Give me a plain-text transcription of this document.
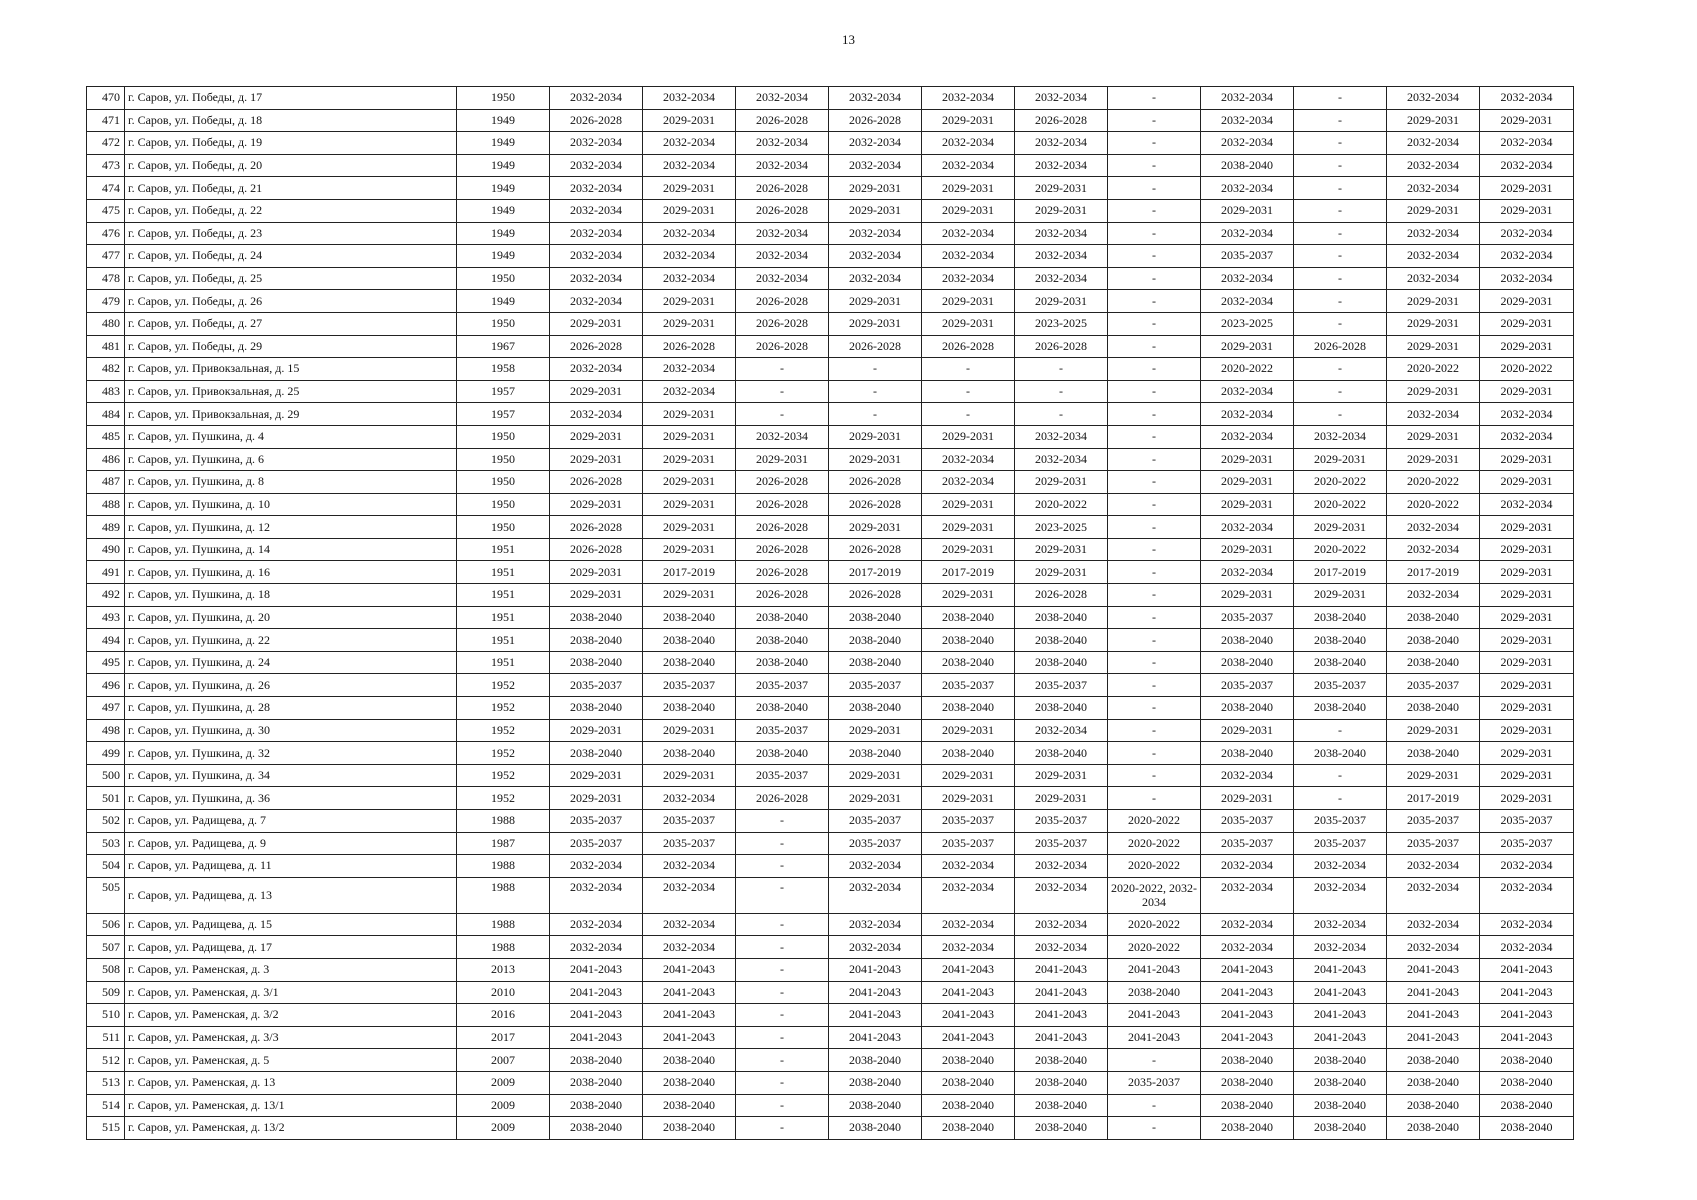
13
470	г. Саров, ул. Победы, д. 17	1950	2032-2034	2032-2034	2032-2034	2032-2034	2032-2034	2032-2034	-	2032-2034	-	2032-2034	2032-2034
471	г. Саров, ул. Победы, д. 18	1949	2026-2028	2029-2031	2026-2028	2026-2028	2029-2031	2026-2028	-	2032-2034	-	2029-2031	2029-2031
472	г. Саров, ул. Победы, д. 19	1949	2032-2034	2032-2034	2032-2034	2032-2034	2032-2034	2032-2034	-	2032-2034	-	2032-2034	2032-2034
473	г. Саров, ул. Победы, д. 20	1949	2032-2034	2032-2034	2032-2034	2032-2034	2032-2034	2032-2034	-	2038-2040	-	2032-2034	2032-2034
474	г. Саров, ул. Победы, д. 21	1949	2032-2034	2029-2031	2026-2028	2029-2031	2029-2031	2029-2031	-	2032-2034	-	2032-2034	2029-2031
475	г. Саров, ул. Победы, д. 22	1949	2032-2034	2029-2031	2026-2028	2029-2031	2029-2031	2029-2031	-	2029-2031	-	2029-2031	2029-2031
476	г. Саров, ул. Победы, д. 23	1949	2032-2034	2032-2034	2032-2034	2032-2034	2032-2034	2032-2034	-	2032-2034	-	2032-2034	2032-2034
477	г. Саров, ул. Победы, д. 24	1949	2032-2034	2032-2034	2032-2034	2032-2034	2032-2034	2032-2034	-	2035-2037	-	2032-2034	2032-2034
478	г. Саров, ул. Победы, д. 25	1950	2032-2034	2032-2034	2032-2034	2032-2034	2032-2034	2032-2034	-	2032-2034	-	2032-2034	2032-2034
479	г. Саров, ул. Победы, д. 26	1949	2032-2034	2029-2031	2026-2028	2029-2031	2029-2031	2029-2031	-	2032-2034	-	2029-2031	2029-2031
480	г. Саров, ул. Победы, д. 27	1950	2029-2031	2029-2031	2026-2028	2029-2031	2029-2031	2023-2025	-	2023-2025	-	2029-2031	2029-2031
481	г. Саров, ул. Победы, д. 29	1967	2026-2028	2026-2028	2026-2028	2026-2028	2026-2028	2026-2028	-	2029-2031	2026-2028	2029-2031	2029-2031
482	г. Саров, ул. Привокзальная, д. 15	1958	2032-2034	2032-2034	-	-	-	-	-	2020-2022	-	2020-2022	2020-2022
483	г. Саров, ул. Привокзальная, д. 25	1957	2029-2031	2032-2034	-	-	-	-	-	2032-2034	-	2029-2031	2029-2031
484	г. Саров, ул. Привокзальная, д. 29	1957	2032-2034	2029-2031	-	-	-	-	-	2032-2034	-	2032-2034	2032-2034
485	г. Саров, ул. Пушкина, д. 4	1950	2029-2031	2029-2031	2032-2034	2029-2031	2029-2031	2032-2034	-	2032-2034	2032-2034	2029-2031	2032-2034
486	г. Саров, ул. Пушкина, д. 6	1950	2029-2031	2029-2031	2029-2031	2029-2031	2032-2034	2032-2034	-	2029-2031	2029-2031	2029-2031	2029-2031
487	г. Саров, ул. Пушкина, д. 8	1950	2026-2028	2029-2031	2026-2028	2026-2028	2032-2034	2029-2031	-	2029-2031	2020-2022	2020-2022	2029-2031
488	г. Саров, ул. Пушкина, д. 10	1950	2029-2031	2029-2031	2026-2028	2026-2028	2029-2031	2020-2022	-	2029-2031	2020-2022	2020-2022	2032-2034
489	г. Саров, ул. Пушкина, д. 12	1950	2026-2028	2029-2031	2026-2028	2029-2031	2029-2031	2023-2025	-	2032-2034	2029-2031	2032-2034	2029-2031
490	г. Саров, ул. Пушкина, д. 14	1951	2026-2028	2029-2031	2026-2028	2026-2028	2029-2031	2029-2031	-	2029-2031	2020-2022	2032-2034	2029-2031
491	г. Саров, ул. Пушкина, д. 16	1951	2029-2031	2017-2019	2026-2028	2017-2019	2017-2019	2029-2031	-	2032-2034	2017-2019	2017-2019	2029-2031
492	г. Саров, ул. Пушкина, д. 18	1951	2029-2031	2029-2031	2026-2028	2026-2028	2029-2031	2026-2028	-	2029-2031	2029-2031	2032-2034	2029-2031
493	г. Саров, ул. Пушкина, д. 20	1951	2038-2040	2038-2040	2038-2040	2038-2040	2038-2040	2038-2040	-	2035-2037	2038-2040	2038-2040	2029-2031
494	г. Саров, ул. Пушкина, д. 22	1951	2038-2040	2038-2040	2038-2040	2038-2040	2038-2040	2038-2040	-	2038-2040	2038-2040	2038-2040	2029-2031
495	г. Саров, ул. Пушкина, д. 24	1951	2038-2040	2038-2040	2038-2040	2038-2040	2038-2040	2038-2040	-	2038-2040	2038-2040	2038-2040	2029-2031
496	г. Саров, ул. Пушкина, д. 26	1952	2035-2037	2035-2037	2035-2037	2035-2037	2035-2037	2035-2037	-	2035-2037	2035-2037	2035-2037	2029-2031
497	г. Саров, ул. Пушкина, д. 28	1952	2038-2040	2038-2040	2038-2040	2038-2040	2038-2040	2038-2040	-	2038-2040	2038-2040	2038-2040	2029-2031
498	г. Саров, ул. Пушкина, д. 30	1952	2029-2031	2029-2031	2035-2037	2029-2031	2029-2031	2032-2034	-	2029-2031	-	2029-2031	2029-2031
499	г. Саров, ул. Пушкина, д. 32	1952	2038-2040	2038-2040	2038-2040	2038-2040	2038-2040	2038-2040	-	2038-2040	2038-2040	2038-2040	2029-2031
500	г. Саров, ул. Пушкина, д. 34	1952	2029-2031	2029-2031	2035-2037	2029-2031	2029-2031	2029-2031	-	2032-2034	-	2029-2031	2029-2031
501	г. Саров, ул. Пушкина, д. 36	1952	2029-2031	2032-2034	2026-2028	2029-2031	2029-2031	2029-2031	-	2029-2031	-	2017-2019	2029-2031
502	г. Саров, ул. Радищева, д. 7	1988	2035-2037	2035-2037	-	2035-2037	2035-2037	2035-2037	2020-2022	2035-2037	2035-2037	2035-2037	2035-2037
503	г. Саров, ул. Радищева, д. 9	1987	2035-2037	2035-2037	-	2035-2037	2035-2037	2035-2037	2020-2022	2035-2037	2035-2037	2035-2037	2035-2037
504	г. Саров, ул. Радищева, д. 11	1988	2032-2034	2032-2034	-	2032-2034	2032-2034	2032-2034	2020-2022	2032-2034	2032-2034	2032-2034	2032-2034
505	г. Саров, ул. Радищева, д. 13	1988	2032-2034	2032-2034	-	2032-2034	2032-2034	2032-2034	2020-2022, 2032-2034	2032-2034	2032-2034	2032-2034	2032-2034
506	г. Саров, ул. Радищева, д. 15	1988	2032-2034	2032-2034	-	2032-2034	2032-2034	2032-2034	2020-2022	2032-2034	2032-2034	2032-2034	2032-2034
507	г. Саров, ул. Радищева, д. 17	1988	2032-2034	2032-2034	-	2032-2034	2032-2034	2032-2034	2020-2022	2032-2034	2032-2034	2032-2034	2032-2034
508	г. Саров, ул. Раменская, д. 3	2013	2041-2043	2041-2043	-	2041-2043	2041-2043	2041-2043	2041-2043	2041-2043	2041-2043	2041-2043	2041-2043
509	г. Саров, ул. Раменская, д. 3/1	2010	2041-2043	2041-2043	-	2041-2043	2041-2043	2041-2043	2038-2040	2041-2043	2041-2043	2041-2043	2041-2043
510	г. Саров, ул. Раменская, д. 3/2	2016	2041-2043	2041-2043	-	2041-2043	2041-2043	2041-2043	2041-2043	2041-2043	2041-2043	2041-2043	2041-2043
511	г. Саров, ул. Раменская, д. 3/3	2017	2041-2043	2041-2043	-	2041-2043	2041-2043	2041-2043	2041-2043	2041-2043	2041-2043	2041-2043	2041-2043
512	г. Саров, ул. Раменская, д. 5	2007	2038-2040	2038-2040	-	2038-2040	2038-2040	2038-2040	-	2038-2040	2038-2040	2038-2040	2038-2040
513	г. Саров, ул. Раменская, д. 13	2009	2038-2040	2038-2040	-	2038-2040	2038-2040	2038-2040	2035-2037	2038-2040	2038-2040	2038-2040	2038-2040
514	г. Саров, ул. Раменская, д. 13/1	2009	2038-2040	2038-2040	-	2038-2040	2038-2040	2038-2040	-	2038-2040	2038-2040	2038-2040	2038-2040
515	г. Саров, ул. Раменская, д. 13/2	2009	2038-2040	2038-2040	-	2038-2040	2038-2040	2038-2040	-	2038-2040	2038-2040	2038-2040	2038-2040
